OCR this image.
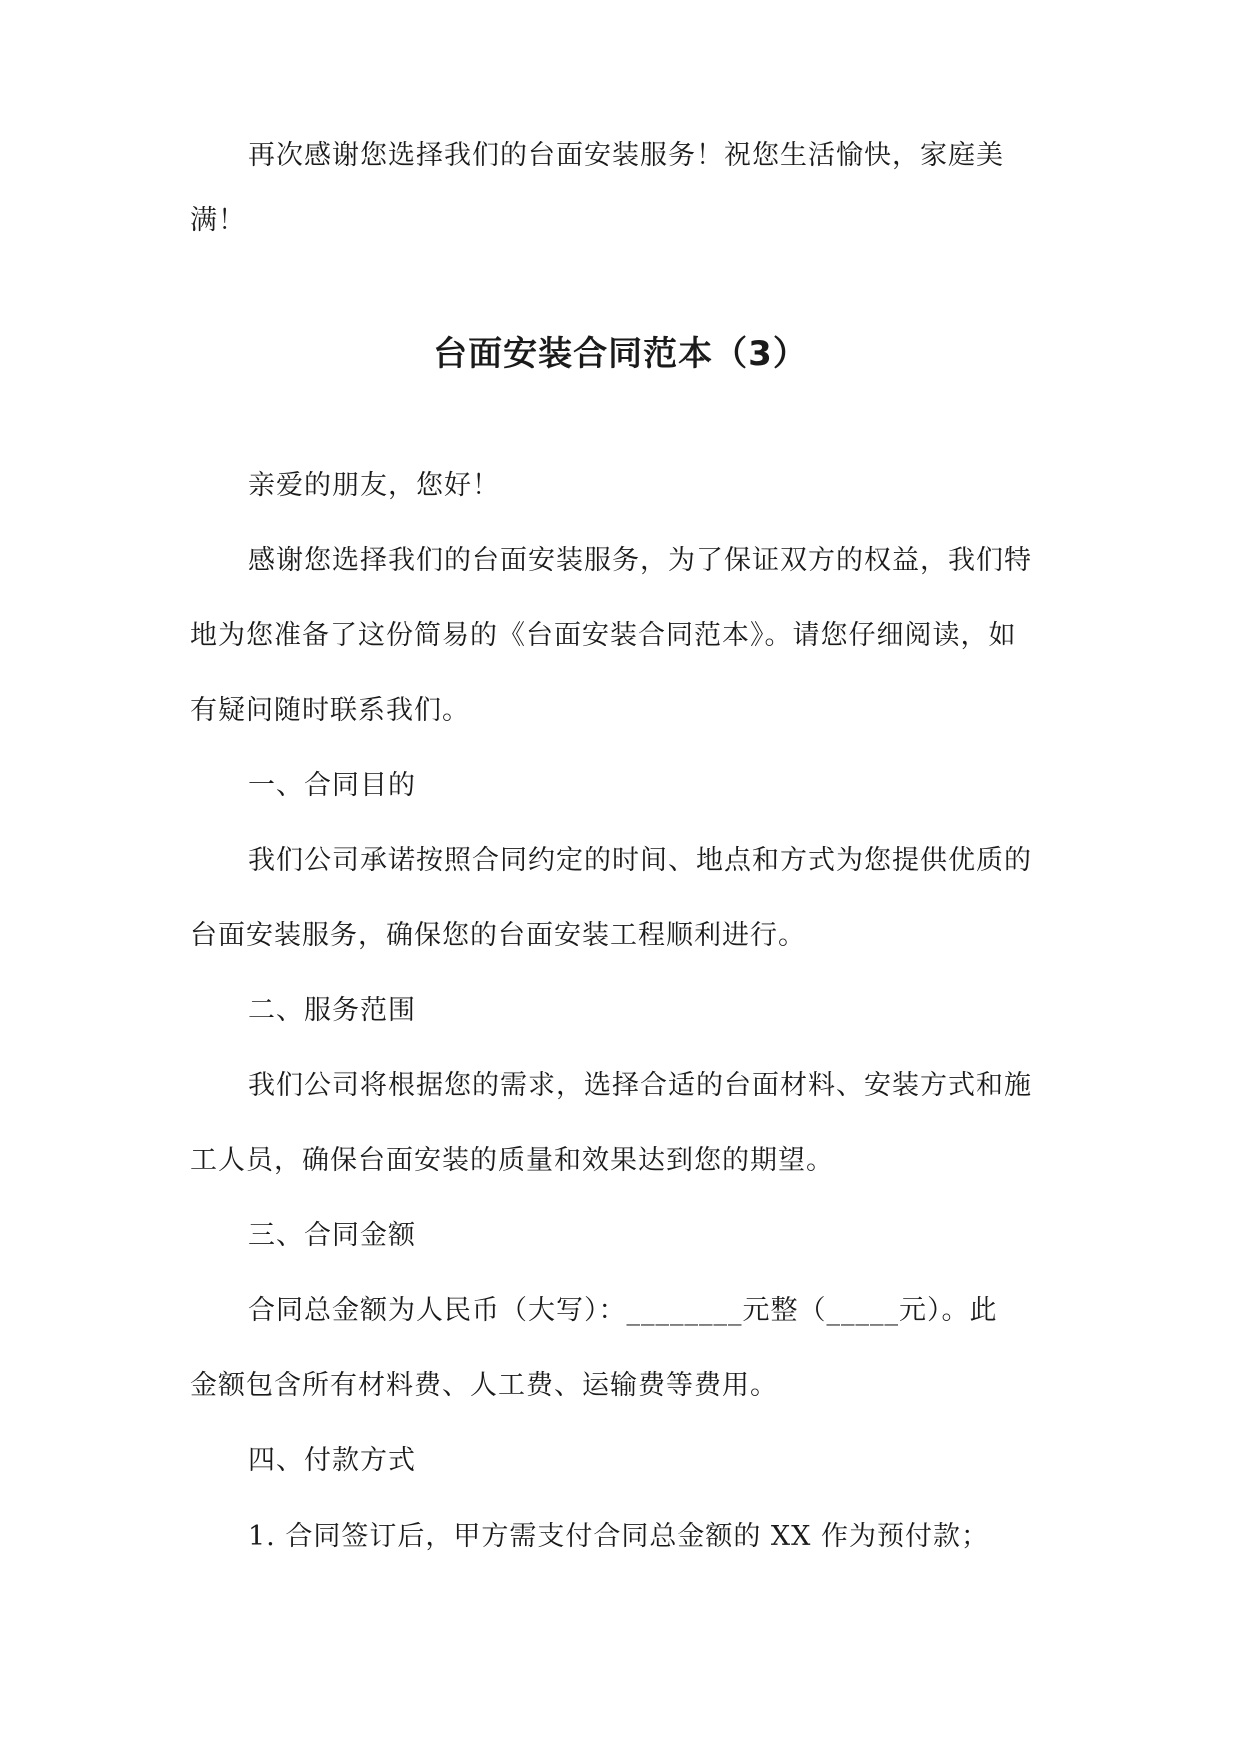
再次感谢您选择我们的台面安装服务！祝您生活愉快，家庭美
满！
台面安装合同范本（3）
亲爱的朋友，您好！
感谢您选择我们的台面安装服务，为了保证双方的权益，我们特
地为您准备了这份简易的《台面安装合同范本》。请您仔细阅读，如
有疑问随时联系我们。
一、合同目的
我们公司承诺按照合同约定的时间、地点和方式为您提供优质的
台面安装服务，确保您的台面安装工程顺利进行。
二、服务范围
我们公司将根据您的需求，选择合适的台面材料、安装方式和施
工人员，确保台面安装的质量和效果达到您的期望。
三、合同金额
合同总金额为人民币（大写）：________元整（_____元）。此
金额包含所有材料费、人工费、运输费等费用。
四、付款方式
1. 合同签订后，甲方需支付合同总金额的 XX 作为预付款；
